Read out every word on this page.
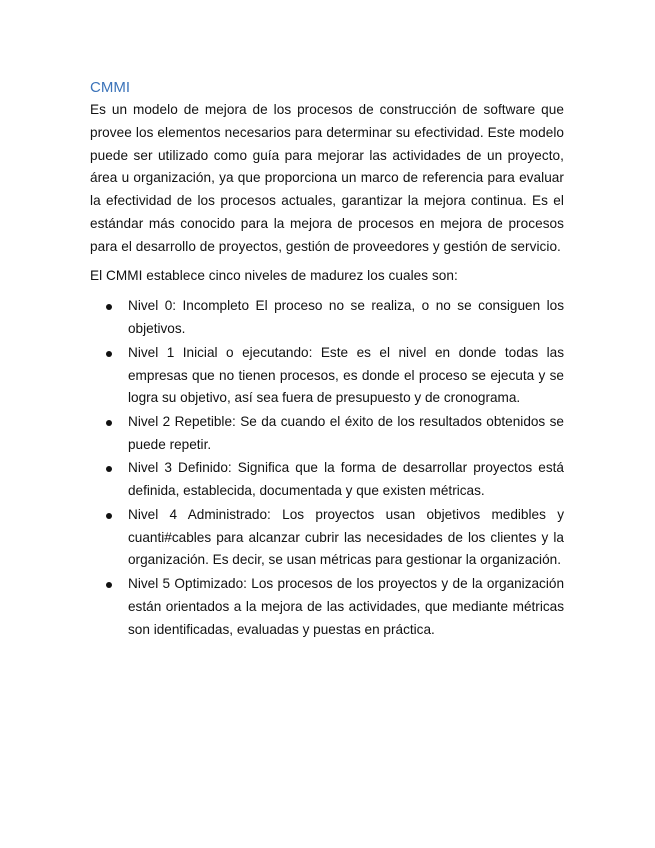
CMMI

Es un modelo de mejora de los procesos de construcción de software que provee los elementos necesarios para determinar su efectividad. Este modelo puede ser utilizado como guía para mejorar las actividades de un proyecto, área u organización, ya que proporciona un marco de referencia para evaluar la efectividad de los procesos actuales, garantizar la mejora continua. Es el estándar más conocido para la mejora de procesos en mejora de procesos para el desarrollo de proyectos, gestión de proveedores y gestión de servicio.

El CMMI establece cinco niveles de madurez los cuales son:

Nivel 0: Incompleto El proceso no se realiza, o no se consiguen los objetivos.
Nivel 1 Inicial o ejecutando: Este es el nivel en donde todas las empresas que no tienen procesos, es donde el proceso se ejecuta y se logra su objetivo, así sea fuera de presupuesto y de cronograma.
Nivel 2 Repetible: Se da cuando el éxito de los resultados obtenidos se puede repetir.
Nivel 3 Definido: Significa que la forma de desarrollar proyectos está definida, establecida, documentada y que existen métricas.
Nivel 4 Administrado: Los proyectos usan objetivos medibles y cuanti#cables para alcanzar cubrir las necesidades de los clientes y la organización. Es decir, se usan métricas para gestionar la organización.
Nivel 5 Optimizado: Los procesos de los proyectos y de la organización están orientados a la mejora de las actividades, que mediante métricas son identificadas, evaluadas y puestas en práctica.
